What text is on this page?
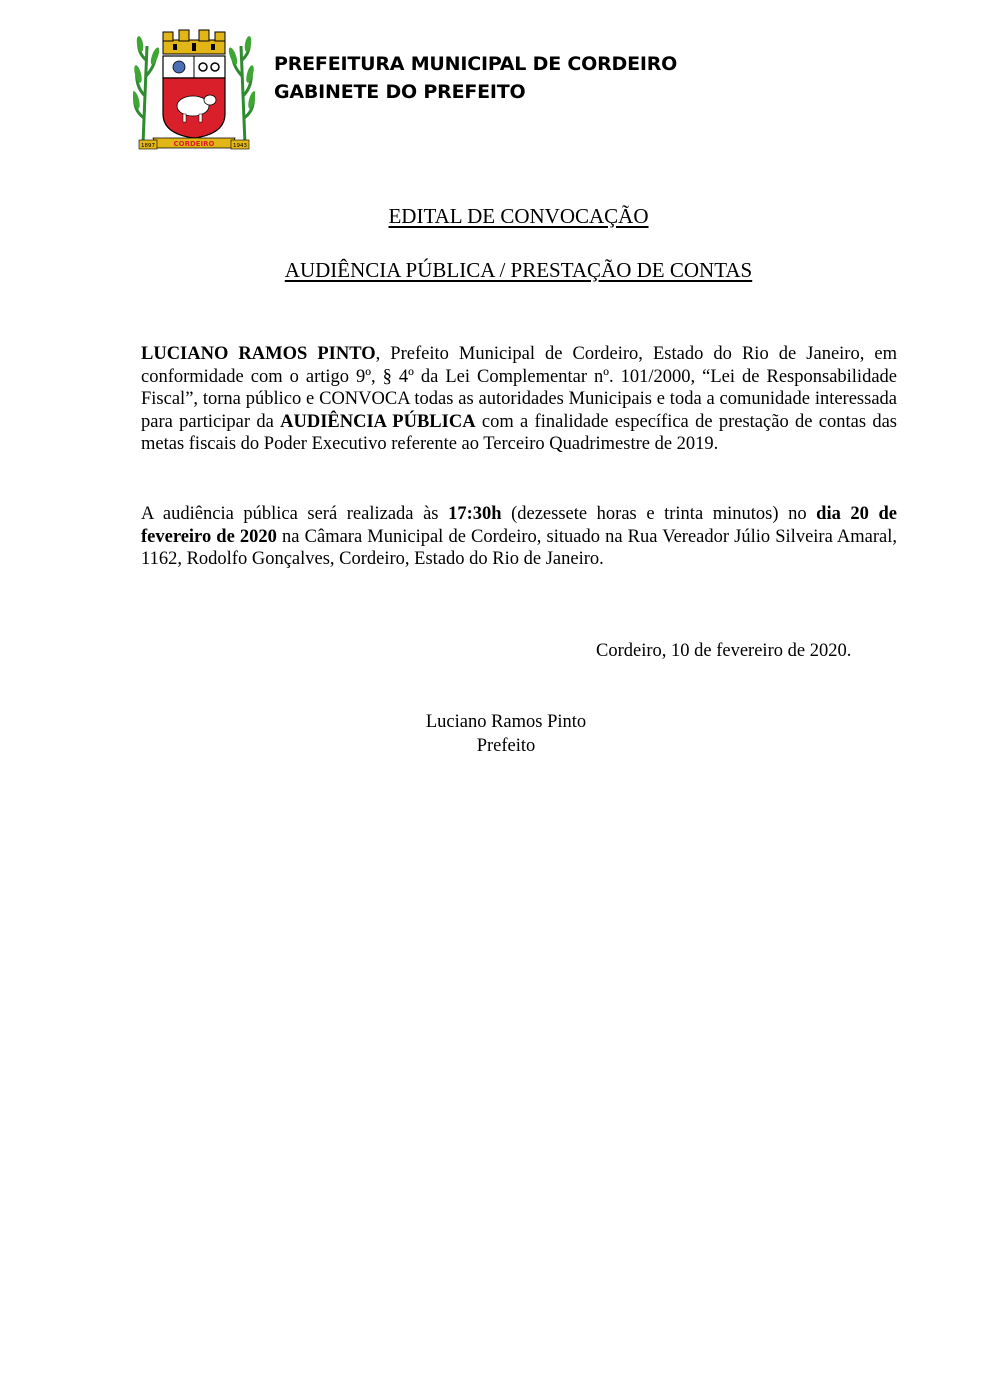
CORDEIRO
1897	1943
PREFEITURA MUNICIPAL DE CORDEIRO
GABINETE DO PREFEITO
EDITAL DE CONVOCAÇÃO
AUDIÊNCIA PÚBLICA / PRESTAÇÃO DE CONTAS

LUCIANO RAMOS PINTO, Prefeito Municipal de Cordeiro, Estado do Rio de Janeiro, em conformidade com o artigo 9º, § 4º da Lei Complementar nº. 101/2000, “Lei de Responsabilidade Fiscal”, torna público e CONVOCA todas as autoridades Municipais e toda a comunidade interessada para participar da AUDIÊNCIA PÚBLICA com a finalidade específica de prestação de contas das metas fiscais do Poder Executivo referente ao Terceiro Quadrimestre de 2019.

A audiência pública será realizada às 17:30h (dezessete horas e trinta minutos) no dia 20 de fevereiro de 2020 na Câmara Municipal de Cordeiro, situado na Rua Vereador Júlio Silveira Amaral, 1162, Rodolfo Gonçalves, Cordeiro, Estado do Rio de Janeiro.

Cordeiro, 10 de fevereiro de 2020.
Luciano Ramos Pinto
Prefeito
